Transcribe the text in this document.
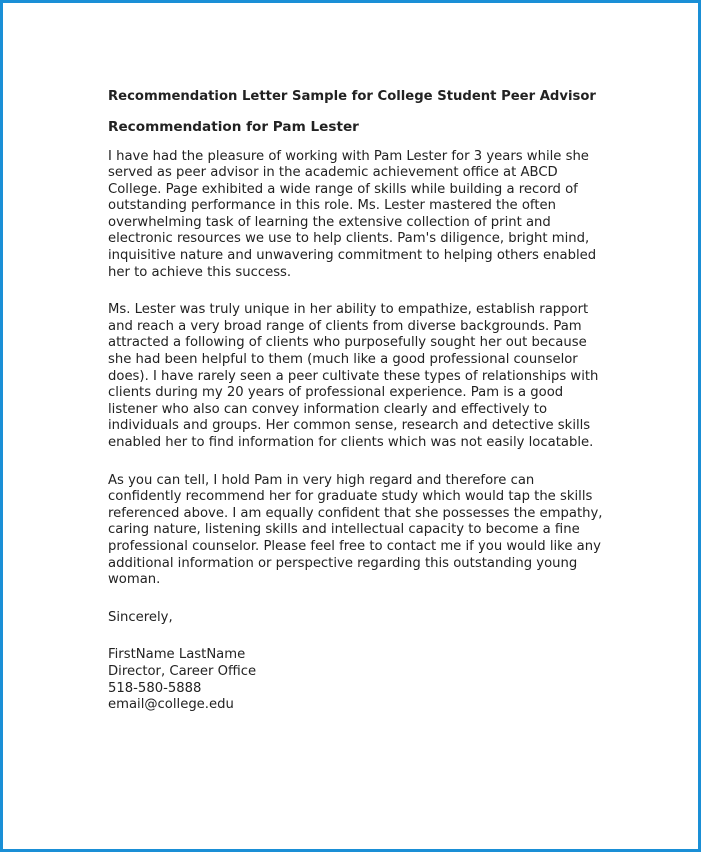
Recommendation Letter Sample for College Student Peer Advisor
Recommendation for Pam Lester

I have had the pleasure of working with Pam Lester for 3 years while she served as peer advisor in the academic achievement office at ABCD College. Page exhibited a wide range of skills while building a record of outstanding performance in this role. Ms. Lester mastered the often overwhelming task of learning the extensive collection of print and electronic resources we use to help clients. Pam's diligence, bright mind, inquisitive nature and unwavering commitment to helping others enabled her to achieve this success.

Ms. Lester was truly unique in her ability to empathize, establish rapport and reach a very broad range of clients from diverse backgrounds. Pam attracted a following of clients who purposefully sought her out because she had been helpful to them (much like a good professional counselor does). I have rarely seen a peer cultivate these types of relationships with clients during my 20 years of professional experience. Pam is a good listener who also can convey information clearly and effectively to individuals and groups. Her common sense, research and detective skills enabled her to find information for clients which was not easily locatable.

As you can tell, I hold Pam in very high regard and therefore can confidently recommend her for graduate study which would tap the skills referenced above. I am equally confident that she possesses the empathy, caring nature, listening skills and intellectual capacity to become a fine professional counselor. Please feel free to contact me if you would like any additional information or perspective regarding this outstanding young woman.

Sincerely,

FirstName LastName

Director, Career Office

518-580-5888

email@college.edu
